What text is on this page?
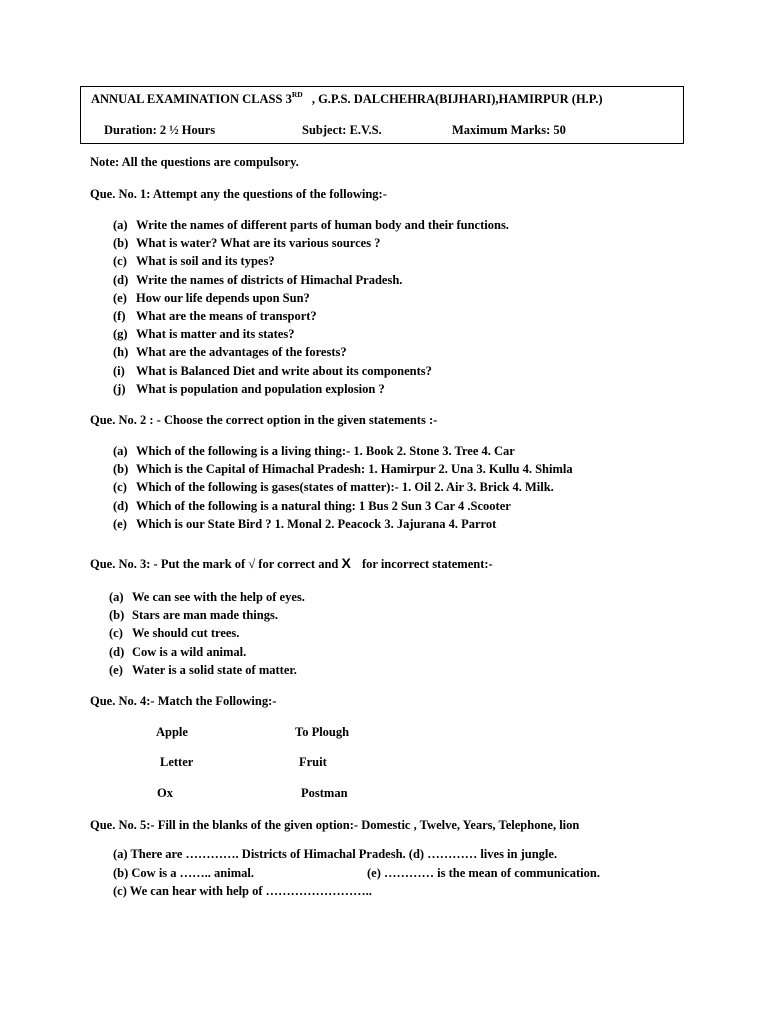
ANNUAL EXAMINATION CLASS 3RD , G.P.S. DALCHEHRA(BIJHARI),HAMIRPUR (H.P.)
Duration: 2 ½ Hours	Subject: E.V.S.	Maximum Marks: 50
Note: All the questions are compulsory.
Que. No. 1: Attempt any the questions of the following:-
(a) Write the names of different parts of human body and their functions.
(b) What is water? What are its various sources ?
(c) What is soil and its types?
(d) Write the names of districts of Himachal Pradesh.
(e) How our life depends upon Sun?
(f) What are the means of transport?
(g) What is matter and its states?
(h) What are the advantages of the forests?
(i) What is Balanced Diet and write about its components?
(j) What is population and population explosion ?
Que. No. 2 : - Choose the correct option in the given statements :-
(a) Which of the following is a living thing:- 1. Book 2. Stone 3. Tree 4. Car
(b) Which is the Capital of Himachal Pradesh: 1. Hamirpur 2. Una 3. Kullu 4. Shimla
(c) Which of the following is gases(states of matter):- 1. Oil 2. Air 3. Brick 4. Milk.
(d) Which of the following is a natural thing: 1 Bus 2 Sun 3 Car 4 .Scooter
(e) Which is our State Bird ? 1. Monal 2. Peacock 3. Jajurana 4. Parrot
Que. No. 3: - Put the mark of √ for correct and X for incorrect statement:-
(a) We can see with the help of eyes.
(b) Stars are man made things.
(c) We should cut trees.
(d) Cow is a wild animal.
(e) Water is a solid state of matter.
Que. No. 4:- Match the Following:-
Apple	To Plough
Letter	Fruit
Ox	Postman
Que. No. 5:- Fill in the blanks of the given option:- Domestic , Twelve, Years, Telephone, lion
(a) There are …………. Districts of Himachal Pradesh. (d) ………… lives in jungle.
(b) Cow is a …….. animal.	(e) ………… is the mean of communication.
(c) We can hear with help of ……………………..
